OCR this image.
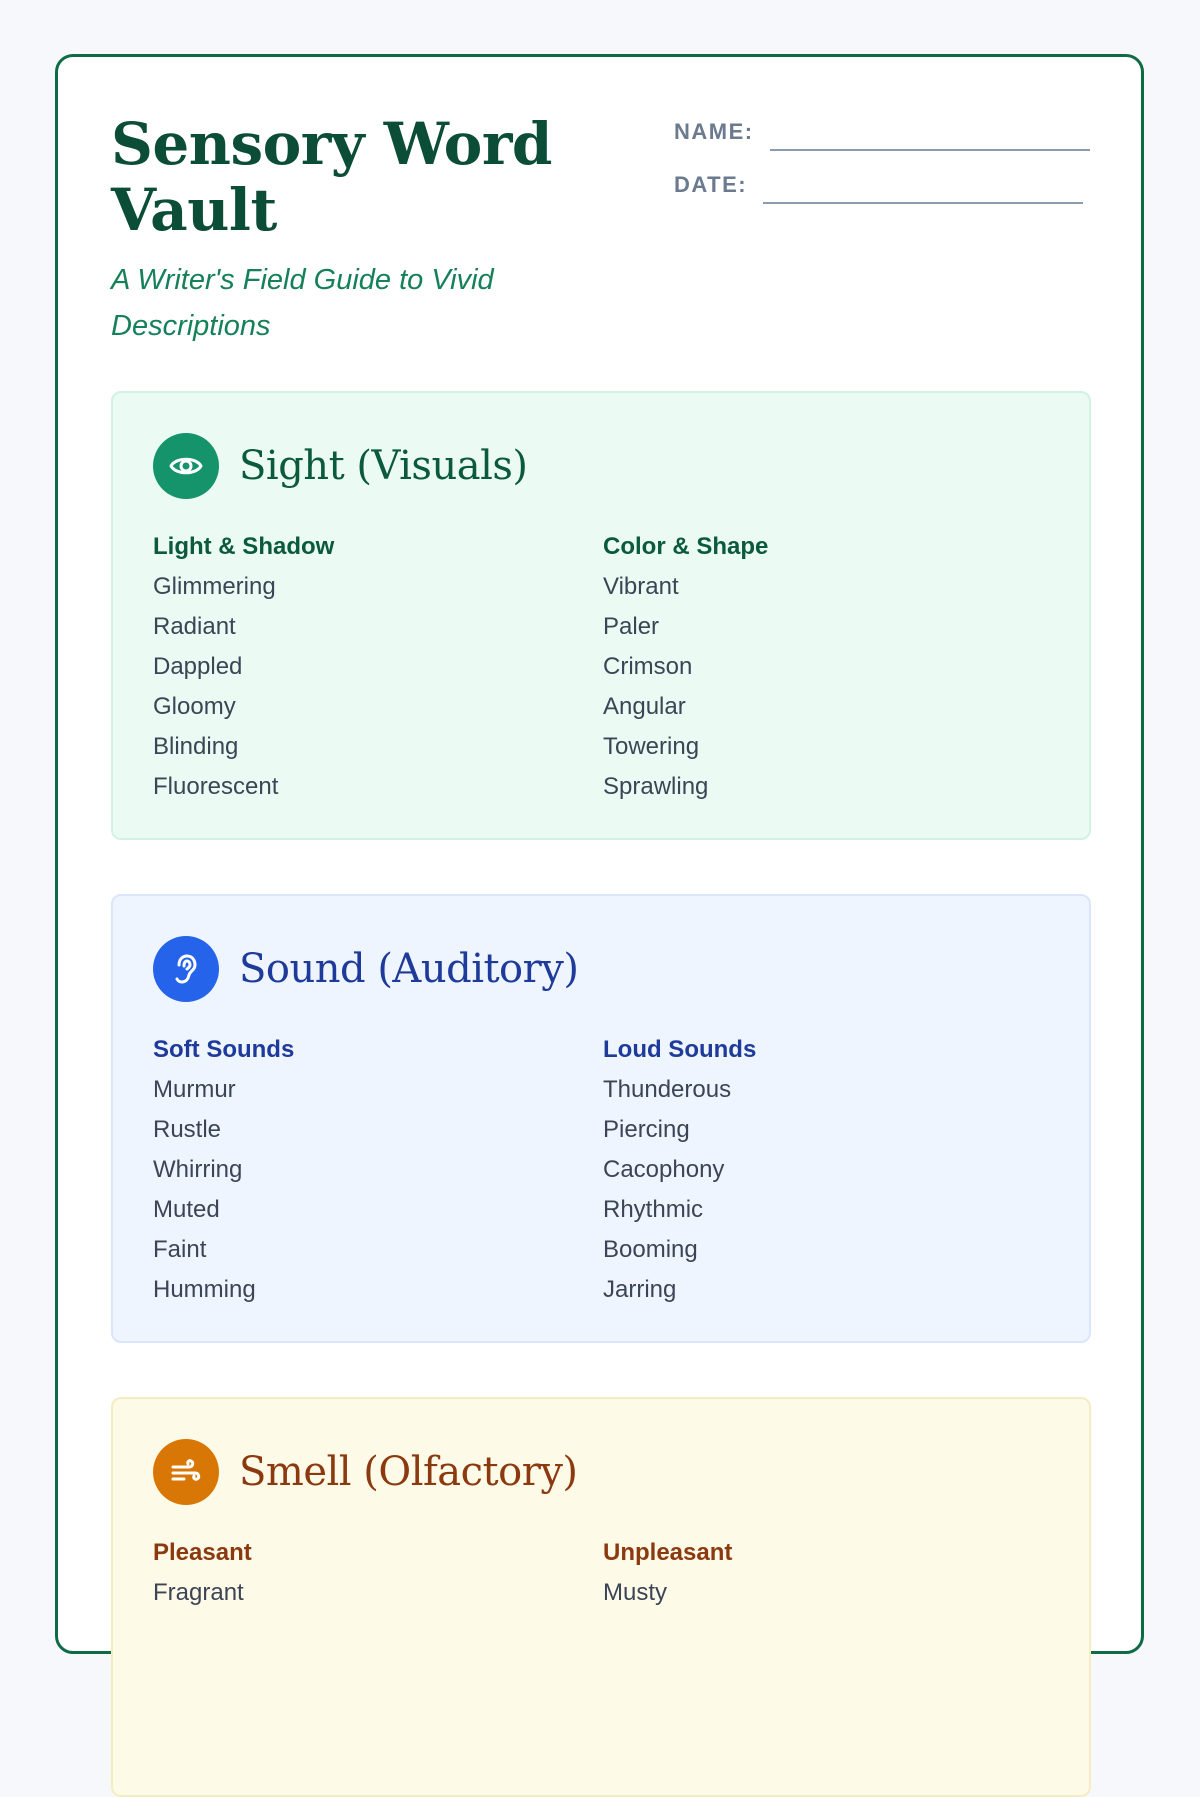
Sensory Word Vault

A Writer's Field Guide to Vivid Descriptions

NAME:
DATE:
Sight (Visuals)
Light & Shadow
Glimmering
Radiant
Dappled
Gloomy
Blinding
Fluorescent
Color & Shape
Vibrant
Paler
Crimson
Angular
Towering
Sprawling
Sound (Auditory)
Soft Sounds
Murmur
Rustle
Whirring
Muted
Faint
Humming
Loud Sounds
Thunderous
Piercing
Cacophony
Rhythmic
Booming
Jarring
Smell (Olfactory)
Pleasant
Fragrant
Unpleasant
Musty
